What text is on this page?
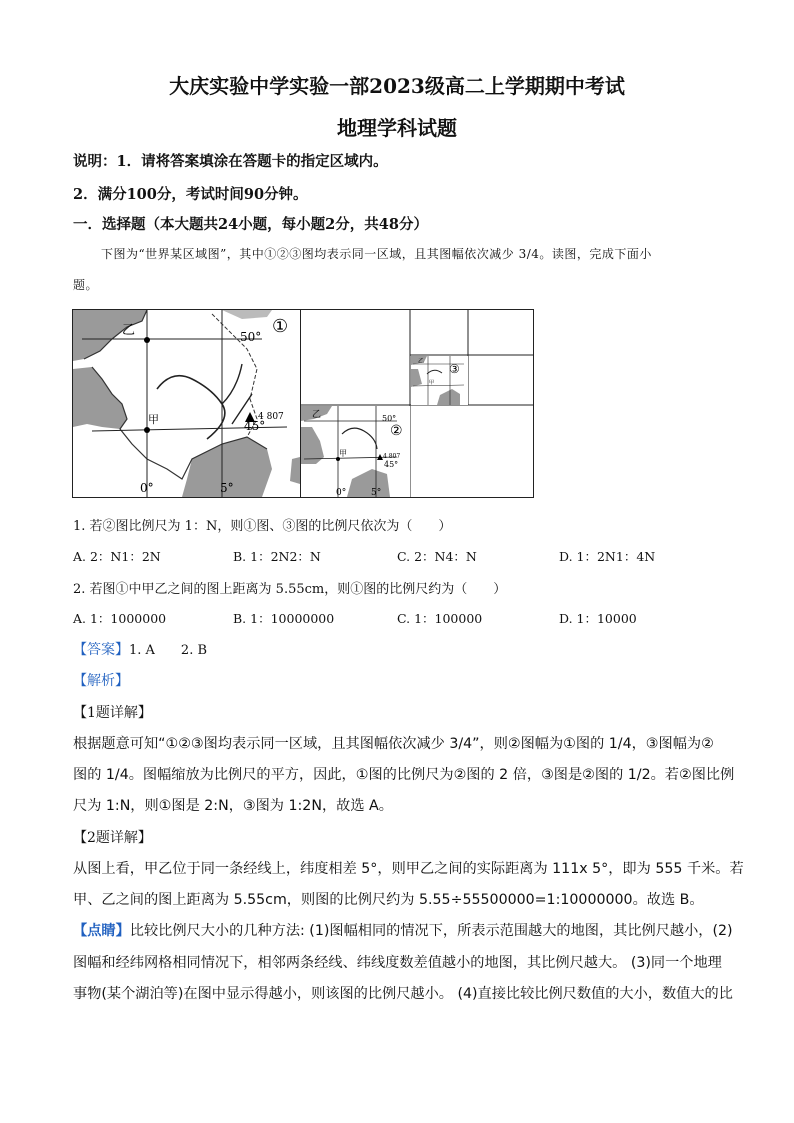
大庆实验中学实验一部2023级高二上学期期中考试
地理学科试题
说明：1．请将答案填涂在答题卡的指定区域内。
2．满分100分，考试时间90分钟。
一．选择题（本大题共24小题，每小题2分，共48分）
下图为“世界某区域图”，其中①②③图均表示同一区域，且其图幅依次减少 3/4。读图，完成下面小
题。
乙
甲
50°
45°
0°	5°
4 807
①
乙
甲
50°
45°
0°	5°
4 807
②
乙
甲
③
1. 若②图比例尺为 1：N，则①图、③图的比例尺依次为（　　）
A. 2：N1：2N	B. 1：2N2：N	C. 2：N4：N	D. 1：2N1：4N
2. 若图①中甲乙之间的图上距离为 5.55cm，则①图的比例尺约为（　　）
A. 1：1000000	B. 1：10000000	C. 1：100000	D. 1：10000
【答案】1. A　　2. B
【解析】
【1题详解】
根据题意可知“①②③图均表示同一区域，且其图幅依次减少 3/4”，则②图幅为①图的 1/4，③图幅为②
图的 1/4。图幅缩放为比例尺的平方，因此，①图的比例尺为②图的 2 倍，③图是②图的 1/2。若②图比例
尺为 1:N，则①图是 2:N，③图为 1:2N，故选 A。
【2题详解】
从图上看，甲乙位于同一条经线上，纬度相差 5°，则甲乙之间的实际距离为 111x 5°，即为 555 千米。若
甲、乙之间的图上距离为 5.55cm，则图的比例尺约为 5.55÷55500000=1:10000000。故选 B。
【点睛】比较比例尺大小的几种方法: (1)图幅相同的情况下，所表示范围越大的地图，其比例尺越小，(2)
图幅和经纬网格相同情况下，相邻两条经线、纬线度数差值越小的地图，其比例尺越大。 (3)同一个地理
事物(某个湖泊等)在图中显示得越小，则该图的比例尺越小。 (4)直接比较比例尺数值的大小，数值大的比
